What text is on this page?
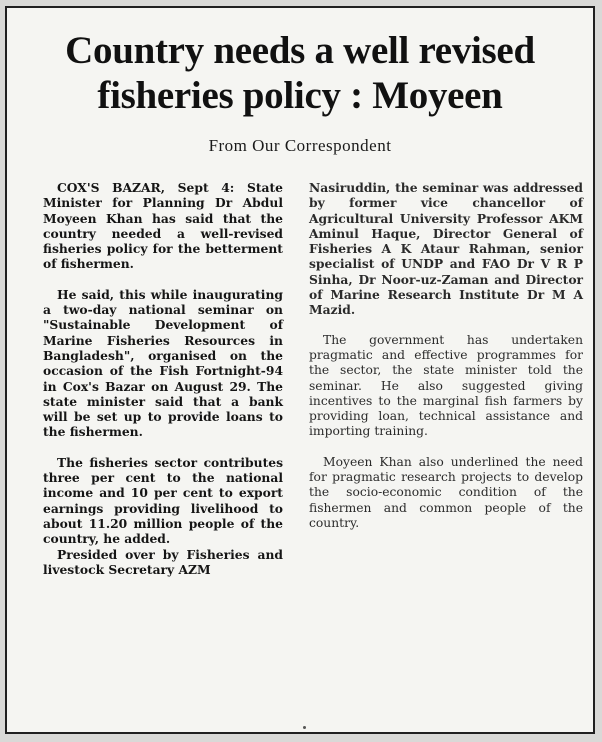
Country needs a well revised fisheries policy : Moyeen
From Our Correspondent

COX'S BAZAR, Sept 4: State Minister for Planning Dr Abdul Moyeen Khan has said that the country needed a well-revised fisheries policy for the betterment of fishermen.

He said, this while inaugurating a two-day national seminar on "Sustainable Development of Marine Fisheries Resources in Bangladesh", organised on the occasion of the Fish Fortnight-94 in Cox's Bazar on August 29. The state minister said that a bank will be set up to provide loans to the fishermen.

The fisheries sector contributes three per cent to the national income and 10 per cent to export earnings providing livelihood to about 11.20 million people of the country, he added.

Presided over by Fisheries and livestock Secretary AZM

Nasiruddin, the seminar was addressed by former vice chancellor of Agricultural University Professor AKM Aminul Haque, Director General of Fisheries A K Ataur Rahman, senior specialist of UNDP and FAO Dr V R P Sinha, Dr Noor-uz-Zaman and Director of Marine Research Institute Dr M A Mazid.

The government has undertaken pragmatic and effective programmes for the sector, the state minister told the seminar. He also suggested giving incentives to the marginal fish farmers by providing loan, technical assistance and importing training.

Moyeen Khan also underlined the need for pragmatic research projects to develop the socio-economic condition of the fishermen and common people of the country.
